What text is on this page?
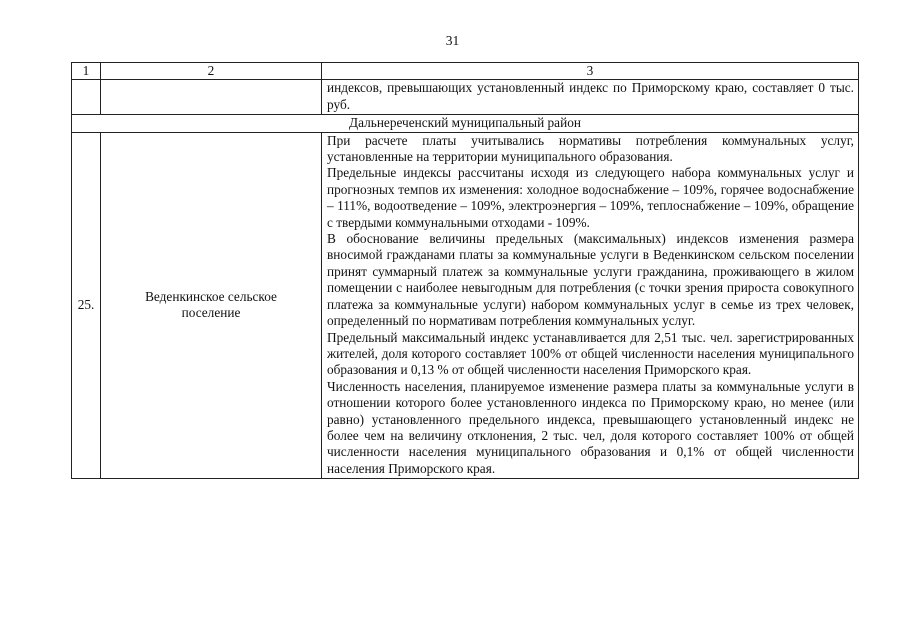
31
1	2	3
		индексов, превышающих установленный индекс по Приморскому краю, составляет 0 тыс. руб.
Дальнереченский муниципальный район		
25.	Веденкинское сельское поселение	При расчете платы учитывались нормативы потребления коммунальных услуг, установленные на территории муниципального образования.

Предельные индексы рассчитаны исходя из следующего набора коммунальных услуг и прогнозных темпов их изменения: холодное водоснабжение – 109%, горячее водоснабжение – 111%, водоотведение – 109%, электроэнергия – 109%, теплоснабжение – 109%, обращение с твердыми коммунальными отходами - 109%.

В обоснование величины предельных (максимальных) индексов изменения размера вносимой гражданами платы за коммунальные услуги в Веденкинском сельском поселении принят суммарный платеж за коммунальные услуги гражданина, проживающего в жилом помещении с наиболее невыгодным для потребления (с точки зрения прироста совокупного платежа за коммунальные услуги) набором коммунальных услуг в семье из трех человек, определенный по нормативам потребления коммунальных услуг.

Предельный максимальный индекс устанавливается для 2,51 тыс. чел. зарегистрированных жителей, доля которого составляет 100% от общей численности населения муниципального образования и 0,13 % от общей численности населения Приморского края.

Численность населения, планируемое изменение размера платы за коммунальные услуги в отношении которого более установленного индекса по Приморскому краю, но менее (или равно) установленного предельного индекса, превышающего установленный индекс не более чем на величину отклонения, 2 тыс. чел, доля которого составляет 100% от общей численности населения муниципального образования и 0,1% от общей численности населения Приморского края.
